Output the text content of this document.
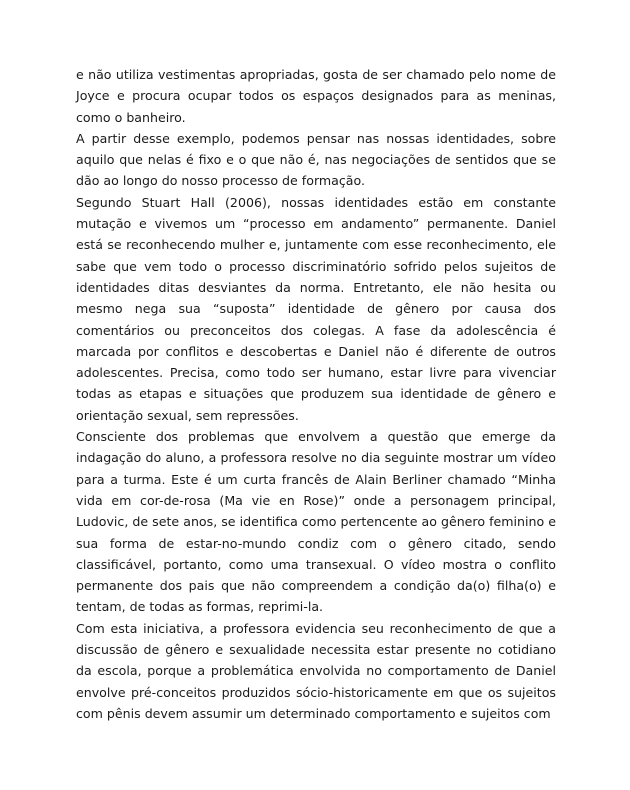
e não utiliza vestimentas apropriadas, gosta de ser chamado pelo nome de Joyce e procura ocupar todos os espaços designados para as meninas, como o banheiro.

A partir desse exemplo, podemos pensar nas nossas identidades, sobre aquilo que nelas é fixo e o que não é, nas negociações de sentidos que se dão ao longo do nosso processo de formação.

Segundo Stuart Hall (2006), nossas identidades estão em constante mutação e vivemos um “processo em andamento” permanente. Daniel está se reconhecendo mulher e, juntamente com esse reconhecimento, ele sabe que vem todo o processo discriminatório sofrido pelos sujeitos de identidades ditas desviantes da norma. Entretanto, ele não hesita ou mesmo nega sua “suposta” identidade de gênero por causa dos comentários ou preconceitos dos colegas. A fase da adolescência é marcada por conflitos e descobertas e Daniel não é diferente de outros adolescentes. Precisa, como todo ser humano, estar livre para vivenciar todas as etapas e situações que produzem sua identidade de gênero e orientação sexual, sem repressões.

Consciente dos problemas que envolvem a questão que emerge da indagação do aluno, a professora resolve no dia seguinte mostrar um vídeo para a turma. Este é um curta francês de Alain Berliner chamado “Minha vida em cor-de-rosa (Ma vie en Rose)” onde a personagem principal, Ludovic, de sete anos, se identifica como pertencente ao gênero feminino e sua forma de estar-no-mundo condiz com o gênero citado, sendo classificável, portanto, como uma transexual. O vídeo mostra o conflito permanente dos pais que não compreendem a condição da(o) filha(o) e tentam, de todas as formas, reprimi-la.

Com esta iniciativa, a professora evidencia seu reconhecimento de que a discussão de gênero e sexualidade necessita estar presente no cotidiano da escola, porque a problemática envolvida no comportamento de Daniel envolve pré-conceitos produzidos sócio-historicamente em que os sujeitos com pênis devem assumir um determinado comportamento e sujeitos com
